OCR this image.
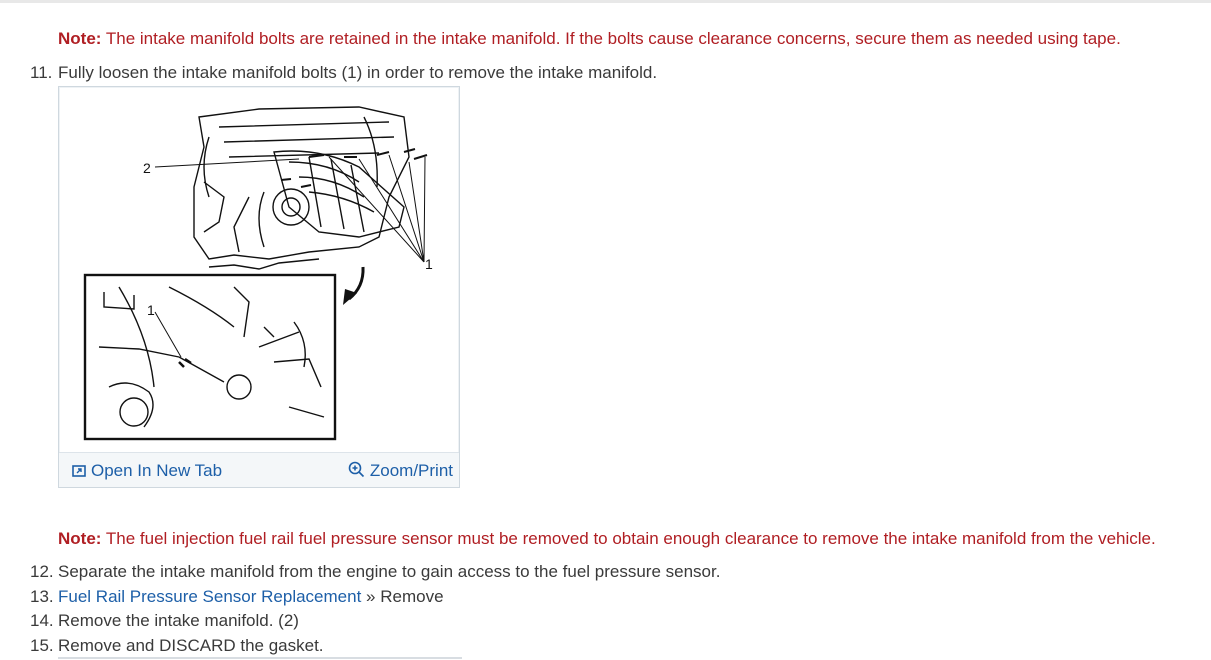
Note: The intake manifold bolts are retained in the intake manifold. If the bolts cause clearance concerns, secure them as needed using tape.
11. Fully loosen the intake manifold bolts (1) in order to remove the intake manifold.
2
1
1
Open In New Tab	Zoom/Print
Note: The fuel injection fuel rail fuel pressure sensor must be removed to obtain enough clearance to remove the intake manifold from the vehicle.
12. Separate the intake manifold from the engine to gain access to the fuel pressure sensor.
13. Fuel Rail Pressure Sensor Replacement » Remove
14. Remove the intake manifold. (2)
15. Remove and DISCARD the gasket.
